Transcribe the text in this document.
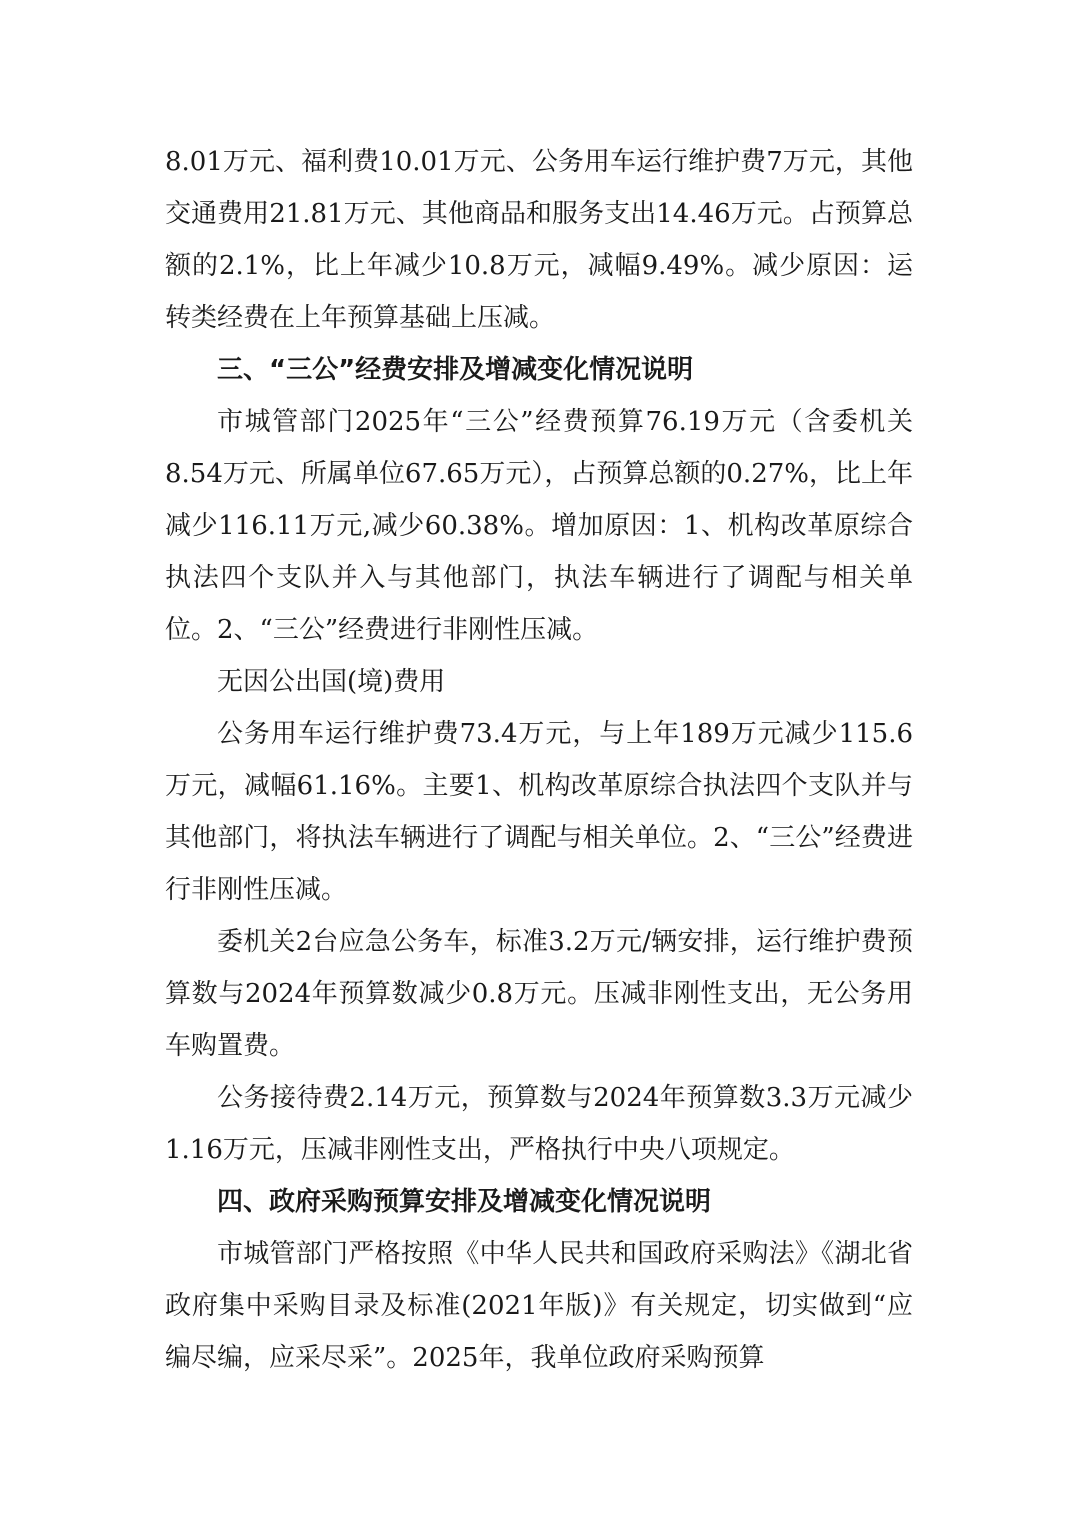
8.01万元、福利费10.01万元、公务用车运行维护费7万元，其他交通费用21.81万元、其他商品和服务支出14.46万元。占预算总额的2.1%，比上年减少10.8万元，减幅9.49%。减少原因：运转类经费在上年预算基础上压减。

三、“三公”经费安排及增减变化情况说明

市城管部门2025年“三公”经费预算76.19万元（含委机关8.54万元、所属单位67.65万元），占预算总额的0.27%，比上年减少116.11万元,减少60.38%。增加原因：1、机构改革原综合执法四个支队并入与其他部门，执法车辆进行了调配与相关单位。2、“三公”经费进行非刚性压减。

无因公出国(境)费用

公务用车运行维护费73.4万元，与上年189万元减少115.6万元，减幅61.16%。主要1、机构改革原综合执法四个支队并与其他部门，将执法车辆进行了调配与相关单位。2、“三公”经费进行非刚性压减。

委机关2台应急公务车，标准3.2万元/辆安排，运行维护费预算数与2024年预算数减少0.8万元。压减非刚性支出，无公务用车购置费。

公务接待费2.14万元，预算数与2024年预算数3.3万元减少1.16万元，压减非刚性支出，严格执行中央八项规定。

四、政府采购预算安排及增减变化情况说明

市城管部门严格按照《中华人民共和国政府采购法》《湖北省政府集中采购目录及标准(2021年版)》有关规定，切实做到“应编尽编，应采尽采”。2025年，我单位政府采购预算
